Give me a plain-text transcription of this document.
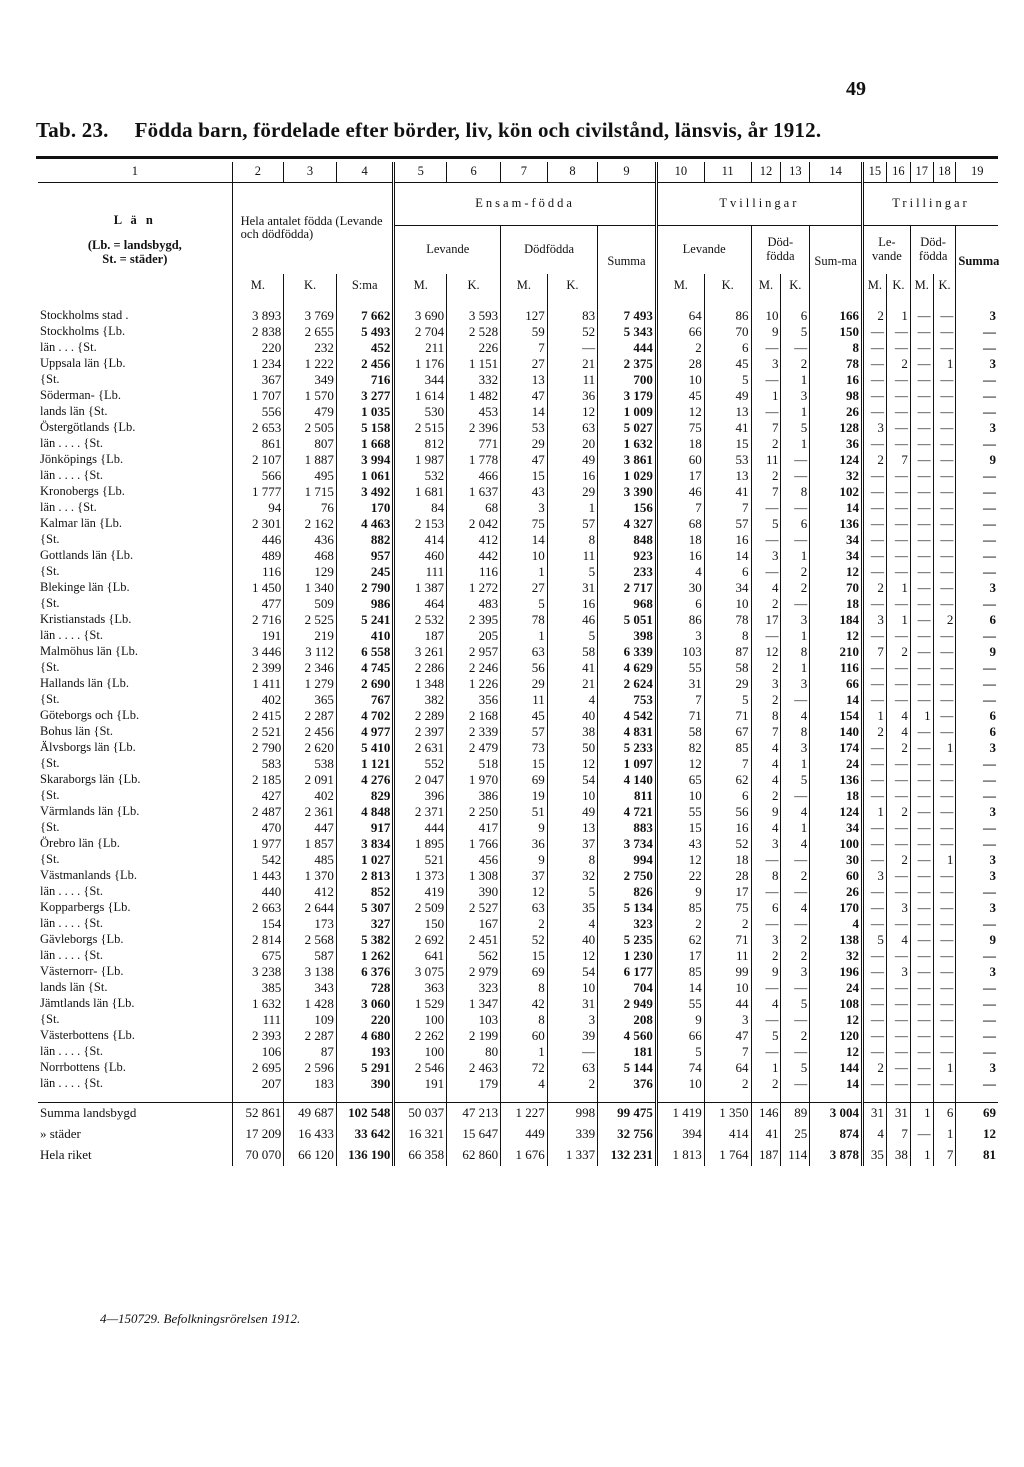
49
Tab. 23. Födda barn, fördelade efter börder, liv, kön och civilstånd, länsvis, år 1912.
1	2	3	4	5	6	7	8	9	10	11	12	13	14	15	16	17	18	19

L ä n
(Lb. = landsbygd,
St. = städer)	Hela antalet födda (Levande och dödfödda)			Ensam-födda					Tvillingar					Trillingar				
				Levande		Dödfödda		Summa	Levande		Död-födda		Sum-ma	Le-vande		Död-födda		Summa
	M.	K.	S:ma	M.	K.	M.	K.		M.	K.	M.	K.		M.	K.	M.	K.	

Stockholms stad .	3 893	3 769	7 662	3 690	3 593	127	83	7 493	64	86	10	6	166	2	1	—	—	3
Stockholms {Lb.	2 838	2 655	5 493	2 704	2 528	59	52	5 343	66	70	9	5	150	—	—	—	—	—
län . . . {St.	220	232	452	211	226	7	—	444	2	6	—	—	8	—	—	—	—	—
Uppsala län {Lb.	1 234	1 222	2 456	1 176	1 151	27	21	2 375	28	45	3	2	78	—	2	—	1	3
{St.	367	349	716	344	332	13	11	700	10	5	—	1	16	—	—	—	—	—
Söderman- {Lb.	1 707	1 570	3 277	1 614	1 482	47	36	3 179	45	49	1	3	98	—	—	—	—	—
lands län {St.	556	479	1 035	530	453	14	12	1 009	12	13	—	1	26	—	—	—	—	—
Östergötlands {Lb.	2 653	2 505	5 158	2 515	2 396	53	63	5 027	75	41	7	5	128	3	—	—	—	3
län . . . . {St.	861	807	1 668	812	771	29	20	1 632	18	15	2	1	36	—	—	—	—	—
Jönköpings {Lb.	2 107	1 887	3 994	1 987	1 778	47	49	3 861	60	53	11	—	124	2	7	—	—	9
län . . . . {St.	566	495	1 061	532	466	15	16	1 029	17	13	2	—	32	—	—	—	—	—
Kronobergs {Lb.	1 777	1 715	3 492	1 681	1 637	43	29	3 390	46	41	7	8	102	—	—	—	—	—
län . . . {St.	94	76	170	84	68	3	1	156	7	7	—	—	14	—	—	—	—	—
Kalmar län {Lb.	2 301	2 162	4 463	2 153	2 042	75	57	4 327	68	57	5	6	136	—	—	—	—	—
{St.	446	436	882	414	412	14	8	848	18	16	—	—	34	—	—	—	—	—
Gottlands län {Lb.	489	468	957	460	442	10	11	923	16	14	3	1	34	—	—	—	—	—
{St.	116	129	245	111	116	1	5	233	4	6	—	2	12	—	—	—	—	—
Blekinge län {Lb.	1 450	1 340	2 790	1 387	1 272	27	31	2 717	30	34	4	2	70	2	1	—	—	3
{St.	477	509	986	464	483	5	16	968	6	10	2	—	18	—	—	—	—	—
Kristianstads {Lb.	2 716	2 525	5 241	2 532	2 395	78	46	5 051	86	78	17	3	184	3	1	—	2	6
län . . . . {St.	191	219	410	187	205	1	5	398	3	8	—	1	12	—	—	—	—	—
Malmöhus län {Lb.	3 446	3 112	6 558	3 261	2 957	63	58	6 339	103	87	12	8	210	7	2	—	—	9
{St.	2 399	2 346	4 745	2 286	2 246	56	41	4 629	55	58	2	1	116	—	—	—	—	—
Hallands län {Lb.	1 411	1 279	2 690	1 348	1 226	29	21	2 624	31	29	3	3	66	—	—	—	—	—
{St.	402	365	767	382	356	11	4	753	7	5	2	—	14	—	—	—	—	—
Göteborgs och {Lb.	2 415	2 287	4 702	2 289	2 168	45	40	4 542	71	71	8	4	154	1	4	1	—	6
Bohus län {St.	2 521	2 456	4 977	2 397	2 339	57	38	4 831	58	67	7	8	140	2	4	—	—	6
Älvsborgs län {Lb.	2 790	2 620	5 410	2 631	2 479	73	50	5 233	82	85	4	3	174	—	2	—	1	3
{St.	583	538	1 121	552	518	15	12	1 097	12	7	4	1	24	—	—	—	—	—
Skaraborgs län {Lb.	2 185	2 091	4 276	2 047	1 970	69	54	4 140	65	62	4	5	136	—	—	—	—	—
{St.	427	402	829	396	386	19	10	811	10	6	2	—	18	—	—	—	—	—
Värmlands län {Lb.	2 487	2 361	4 848	2 371	2 250	51	49	4 721	55	56	9	4	124	1	2	—	—	3
{St.	470	447	917	444	417	9	13	883	15	16	4	1	34	—	—	—	—	—
Örebro län {Lb.	1 977	1 857	3 834	1 895	1 766	36	37	3 734	43	52	3	4	100	—	—	—	—	—
{St.	542	485	1 027	521	456	9	8	994	12	18	—	—	30	—	2	—	1	3
Västmanlands {Lb.	1 443	1 370	2 813	1 373	1 308	37	32	2 750	22	28	8	2	60	3	—	—	—	3
län . . . . {St.	440	412	852	419	390	12	5	826	9	17	—	—	26	—	—	—	—	—
Kopparbergs {Lb.	2 663	2 644	5 307	2 509	2 527	63	35	5 134	85	75	6	4	170	—	3	—	—	3
län . . . . {St.	154	173	327	150	167	2	4	323	2	2	—	—	4	—	—	—	—	—
Gävleborgs {Lb.	2 814	2 568	5 382	2 692	2 451	52	40	5 235	62	71	3	2	138	5	4	—	—	9
län . . . . {St.	675	587	1 262	641	562	15	12	1 230	17	11	2	2	32	—	—	—	—	—
Västernorr- {Lb.	3 238	3 138	6 376	3 075	2 979	69	54	6 177	85	99	9	3	196	—	3	—	—	3
lands län {St.	385	343	728	363	323	8	10	704	14	10	—	—	24	—	—	—	—	—
Jämtlands län {Lb.	1 632	1 428	3 060	1 529	1 347	42	31	2 949	55	44	4	5	108	—	—	—	—	—
{St.	111	109	220	100	103	8	3	208	9	3	—	—	12	—	—	—	—	—
Västerbottens {Lb.	2 393	2 287	4 680	2 262	2 199	60	39	4 560	66	47	5	2	120	—	—	—	—	—
län . . . . {St.	106	87	193	100	80	1	—	181	5	7	—	—	12	—	—	—	—	—
Norrbottens {Lb.	2 695	2 596	5 291	2 546	2 463	72	63	5 144	74	64	1	5	144	2	—	—	1	3
län . . . . {St.	207	183	390	191	179	4	2	376	10	2	2	—	14	—	—	—	—	—

Summa landsbygd	52 861	49 687	102 548	50 037	47 213	1 227	998	99 475	1 419	1 350	146	89	3 004	31	31	1	6	69
» städer	17 209	16 433	33 642	16 321	15 647	449	339	32 756	394	414	41	25	874	4	7	—	1	12
Hela riket	70 070	66 120	136 190	66 358	62 860	1 676	1 337	132 231	1 813	1 764	187	114	3 878	35	38	1	7	81
4—150729. Befolkningsrörelsen 1912.
